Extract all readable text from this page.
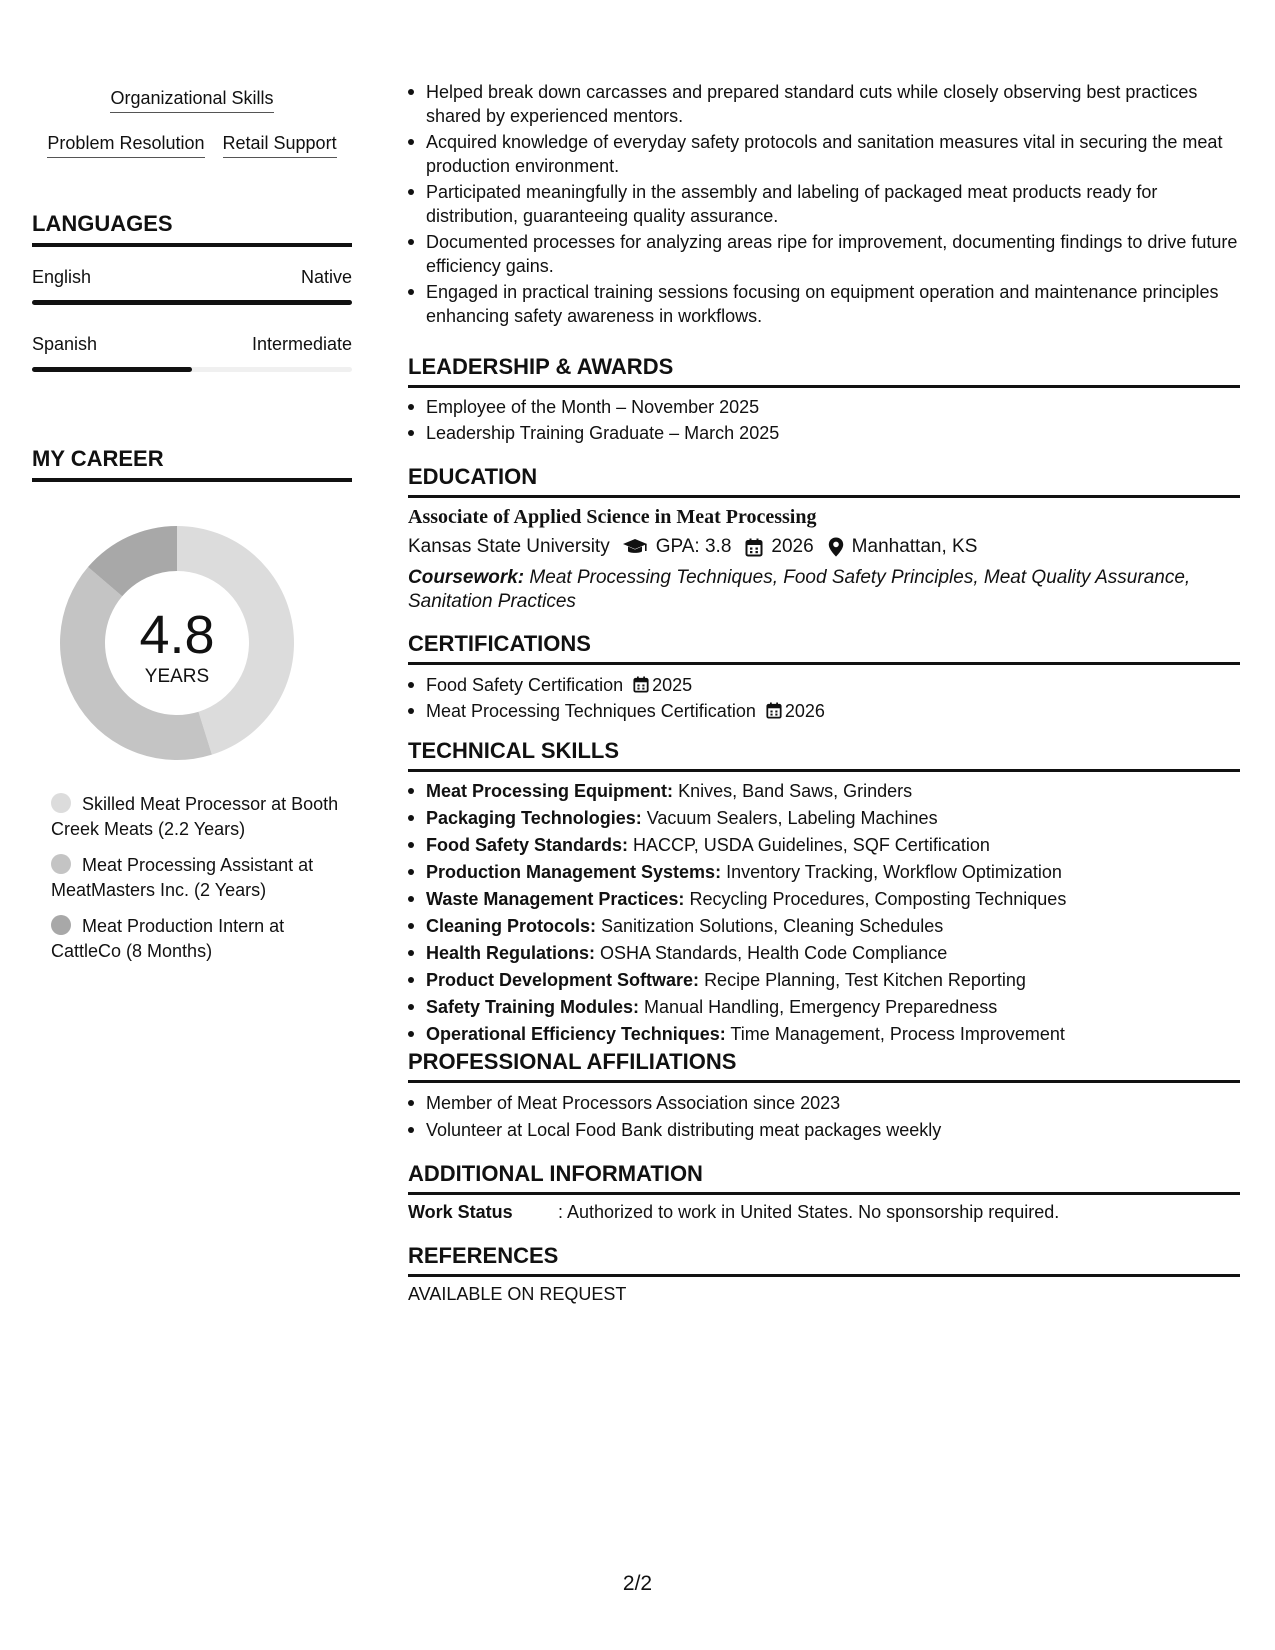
Organizational Skills
Problem Resolution Retail Support
LANGUAGES
English	Native
Spanish	Intermediate
MY CAREER
4.8
YEARS
Skilled Meat Processor at Booth Creek Meats (2.2 Years)
Meat Processing Assistant at MeatMasters Inc. (2 Years)
Meat Production Intern at CattleCo (8 Months)
Helped break down carcasses and prepared standard cuts while closely observing best practices shared by experienced mentors.
Acquired knowledge of everyday safety protocols and sanitation measures vital in securing the meat production environment.
Participated meaningfully in the assembly and labeling of packaged meat products ready for distribution, guaranteeing quality assurance.
Documented processes for analyzing areas ripe for improvement, documenting findings to drive future efficiency gains.
Engaged in practical training sessions focusing on equipment operation and maintenance principles enhancing safety awareness in workflows.
LEADERSHIP & AWARDS
Employee of the Month – November 2025
Leadership Training Graduate – March 2025
EDUCATION
Associate of Applied Science in Meat Processing
Kansas State University GPA: 3.8 2026 Manhattan, KS
Coursework: Meat Processing Techniques, Food Safety Principles, Meat Quality Assurance, Sanitation Practices
CERTIFICATIONS
Food Safety Certification 2025
Meat Processing Techniques Certification 2026
TECHNICAL SKILLS
Meat Processing Equipment: Knives, Band Saws, Grinders
Packaging Technologies: Vacuum Sealers, Labeling Machines
Food Safety Standards: HACCP, USDA Guidelines, SQF Certification
Production Management Systems: Inventory Tracking, Workflow Optimization
Waste Management Practices: Recycling Procedures, Composting Techniques
Cleaning Protocols: Sanitization Solutions, Cleaning Schedules
Health Regulations: OSHA Standards, Health Code Compliance
Product Development Software: Recipe Planning, Test Kitchen Reporting
Safety Training Modules: Manual Handling, Emergency Preparedness
Operational Efficiency Techniques: Time Management, Process Improvement
PROFESSIONAL AFFILIATIONS
Member of Meat Processors Association since 2023
Volunteer at Local Food Bank distributing meat packages weekly
ADDITIONAL INFORMATION
Work Status	: Authorized to work in United States. No sponsorship required.
REFERENCES
AVAILABLE ON REQUEST
2/2
